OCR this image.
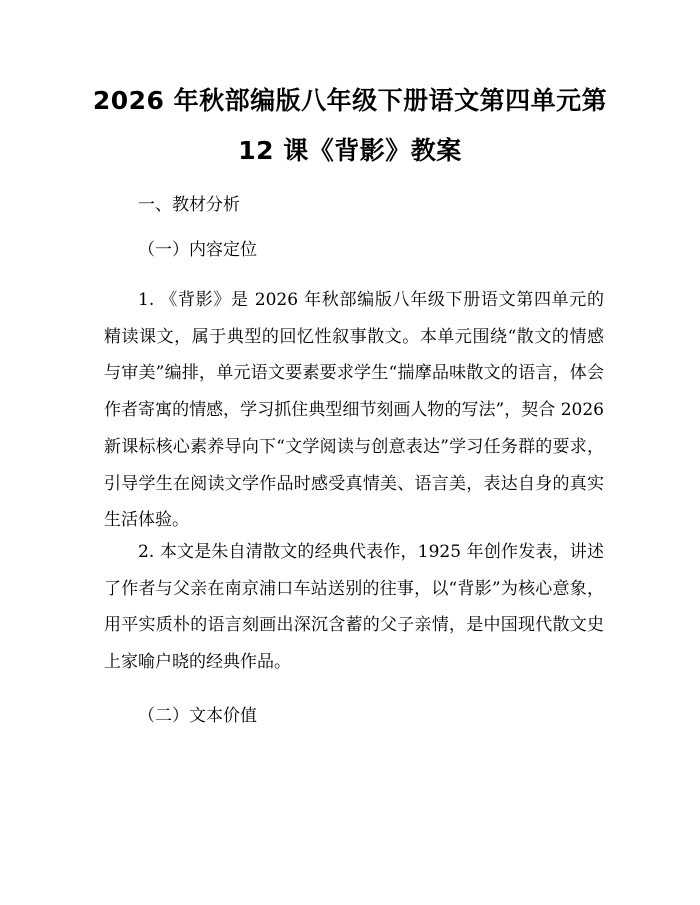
2026 年秋部编版八年级下册语文第四单元第
12 课《背影》教案
一、教材分析
（一）内容定位

1. 《背影》是 2026 年秋部编版八年级下册语文第四单元的精读课文，属于典型的回忆性叙事散文。本单元围绕“散文的情感与审美”编排，单元语文要素要求学生“揣摩品味散文的语言，体会作者寄寓的情感，学习抓住典型细节刻画人物的写法”，契合 2026 新课标核心素养导向下“文学阅读与创意表达”学习任务群的要求，引导学生在阅读文学作品时感受真情美、语言美，表达自身的真实生活体验。

2. 本文是朱自清散文的经典代表作，1925 年创作发表，讲述了作者与父亲在南京浦口车站送别的往事，以“背影”为核心意象，用平实质朴的语言刻画出深沉含蓄的父子亲情，是中国现代散文史上家喻户晓的经典作品。

（二）文本价值
